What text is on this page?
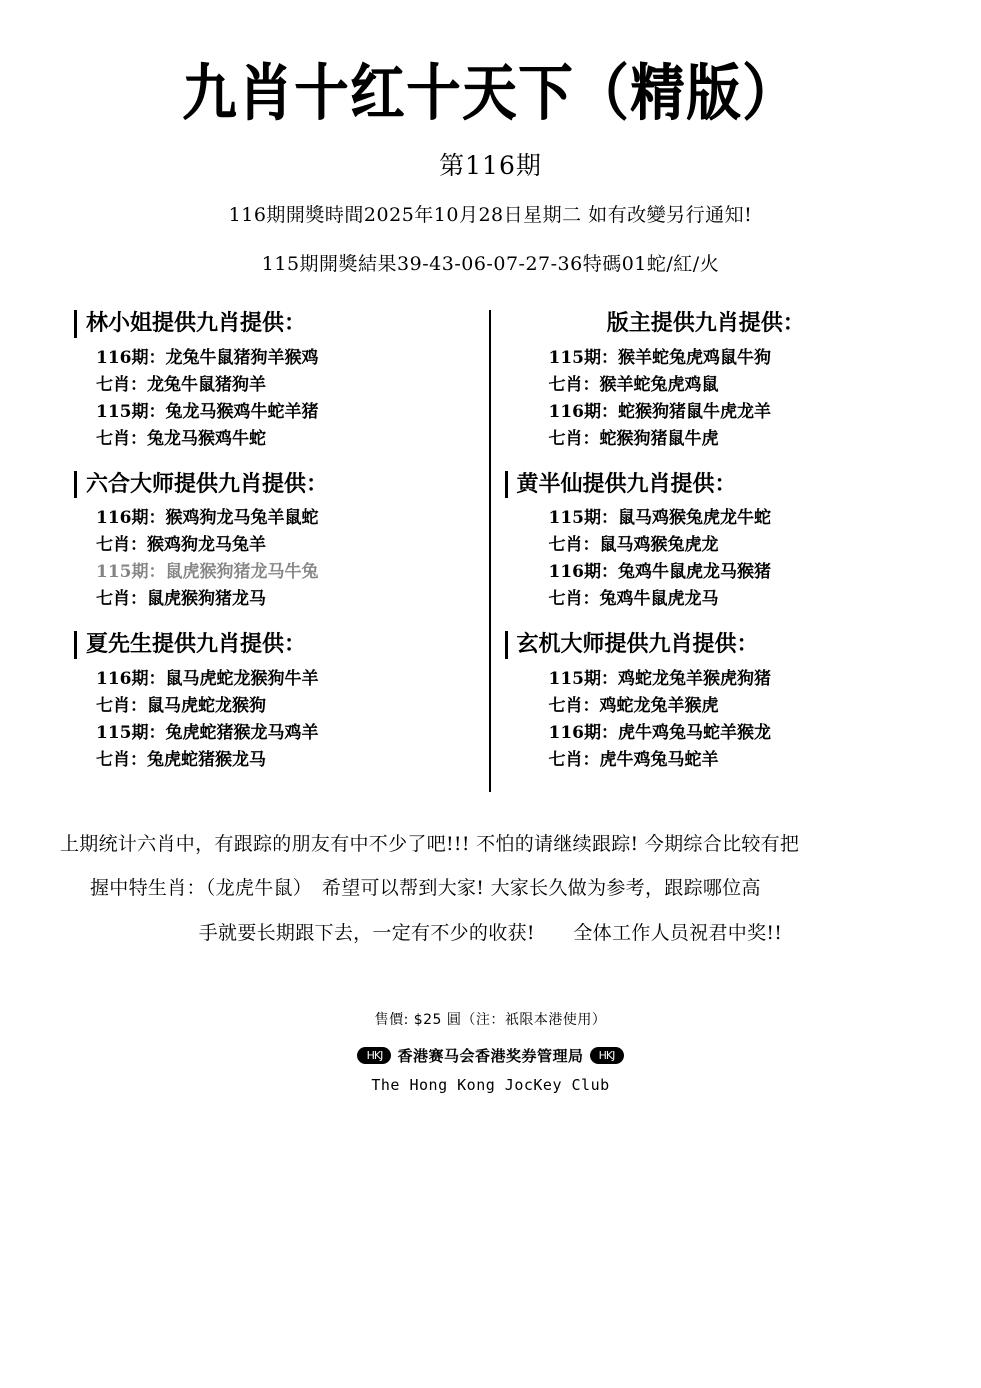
九肖十红十天下（精版）
第116期
116期開獎時間2025年10月28日星期二 如有改變另行通知!
115期開獎結果39-43-06-07-27-36特碼01蛇/紅/火
林小姐提供九肖提供：
116期：龙兔牛鼠猪狗羊猴鸡
七肖：龙兔牛鼠猪狗羊
115期：兔龙马猴鸡牛蛇羊猪
七肖：兔龙马猴鸡牛蛇
六合大师提供九肖提供：
116期：猴鸡狗龙马兔羊鼠蛇
七肖：猴鸡狗龙马兔羊
115期：鼠虎猴狗猪龙马牛兔
七肖：鼠虎猴狗猪龙马
夏先生提供九肖提供：
116期：鼠马虎蛇龙猴狗牛羊
七肖：鼠马虎蛇龙猴狗
115期：兔虎蛇猪猴龙马鸡羊
七肖：兔虎蛇猪猴龙马
版主提供九肖提供：
115期：猴羊蛇兔虎鸡鼠牛狗
七肖：猴羊蛇兔虎鸡鼠
116期：蛇猴狗猪鼠牛虎龙羊
七肖：蛇猴狗猪鼠牛虎
黄半仙提供九肖提供：
115期：鼠马鸡猴兔虎龙牛蛇
七肖：鼠马鸡猴兔虎龙
116期：兔鸡牛鼠虎龙马猴猪
七肖：兔鸡牛鼠虎龙马
玄机大师提供九肖提供：
115期：鸡蛇龙兔羊猴虎狗猪
七肖：鸡蛇龙兔羊猴虎
116期：虎牛鸡兔马蛇羊猴龙
七肖：虎牛鸡兔马蛇羊

上期统计六肖中，有跟踪的朋友有中不少了吧!!! 不怕的请继续跟踪! 今期综合比较有把

握中特生肖：（龙虎牛鼠）　希望可以帮到大家! 大家长久做为参考，跟踪哪位高

手就要长期跟下去，一定有不少的收获!　　全体工作人员祝君中奖!!

售價: $25 圓（注：祇限本港使用）
HKJ	香港赛马会香港奖券管理局	HKJ
The Hong Kong JocKey Club
